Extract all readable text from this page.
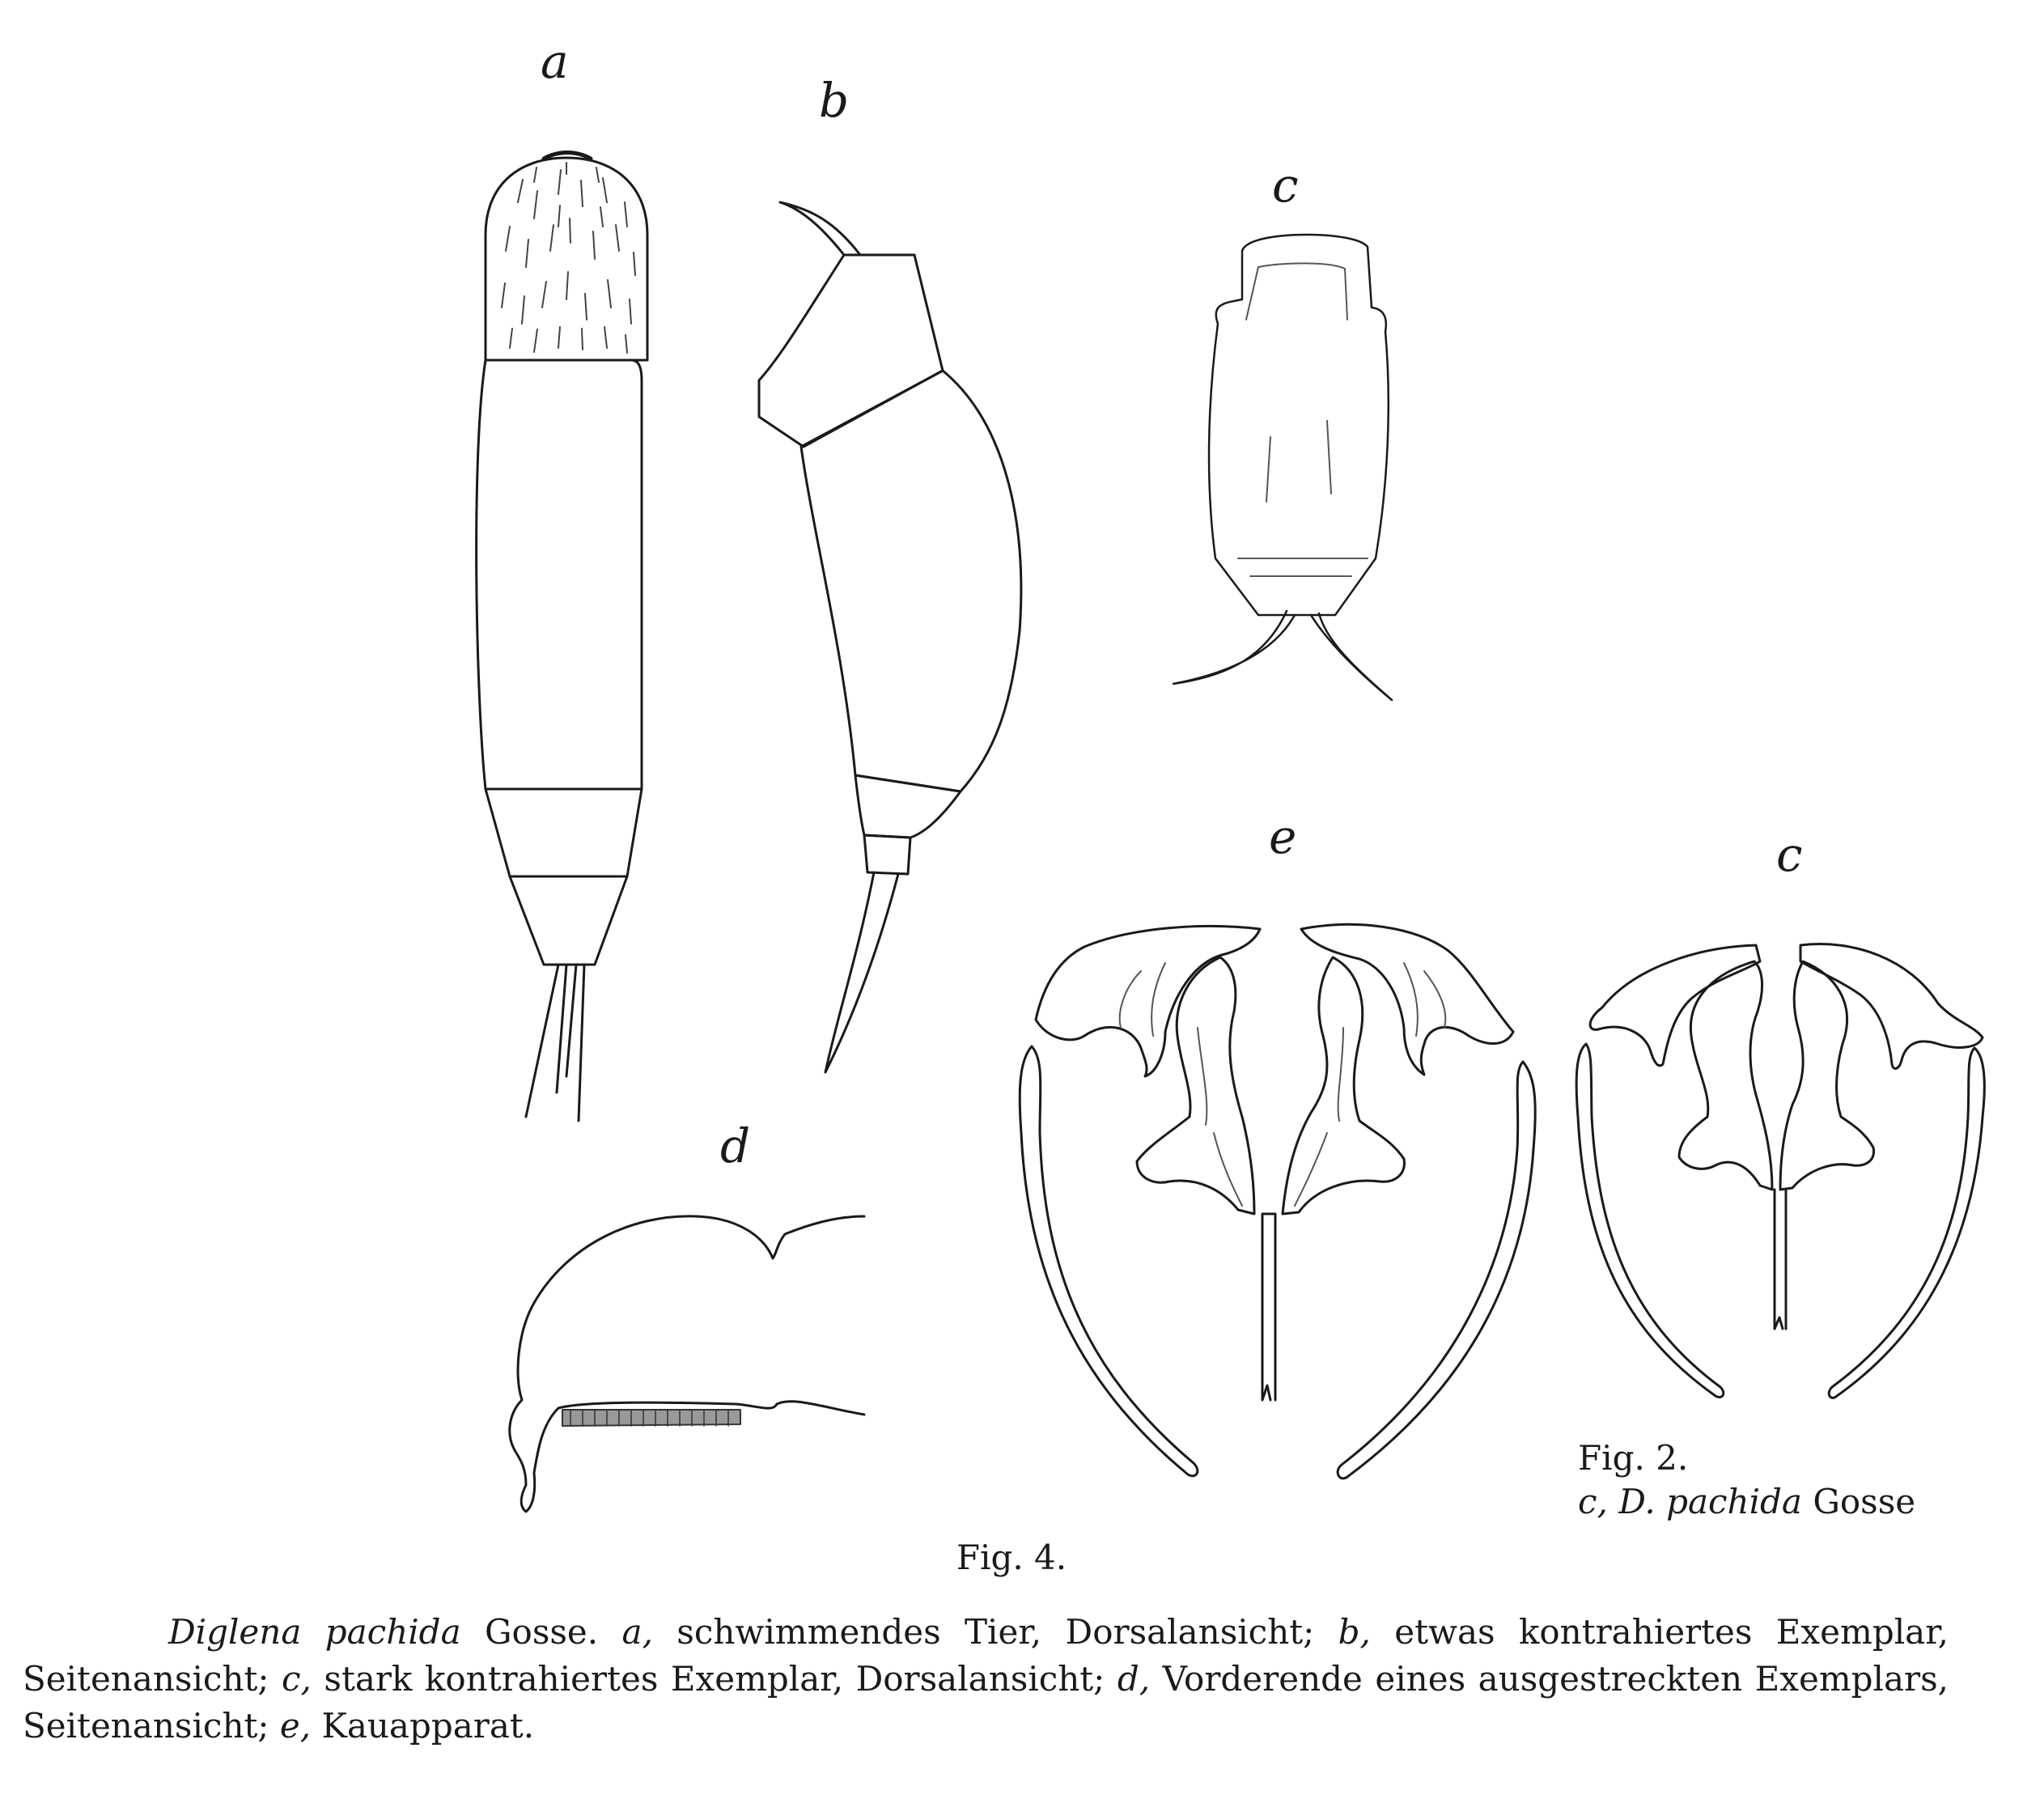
a
b
c
d
e	c
Fig. 2.
c, D. pachida Gosse
Fig. 4.
Diglena pachida Gosse. a, schwimmendes Tier, Dorsalansicht; b, etwas kontrahiertes Exemplar, Seitenansicht; c, stark kontrahiertes Exemplar, Dorsalansicht; d, Vorderende eines ausgestreckten Exemplars, Seitenansicht; e, Kauapparat.
